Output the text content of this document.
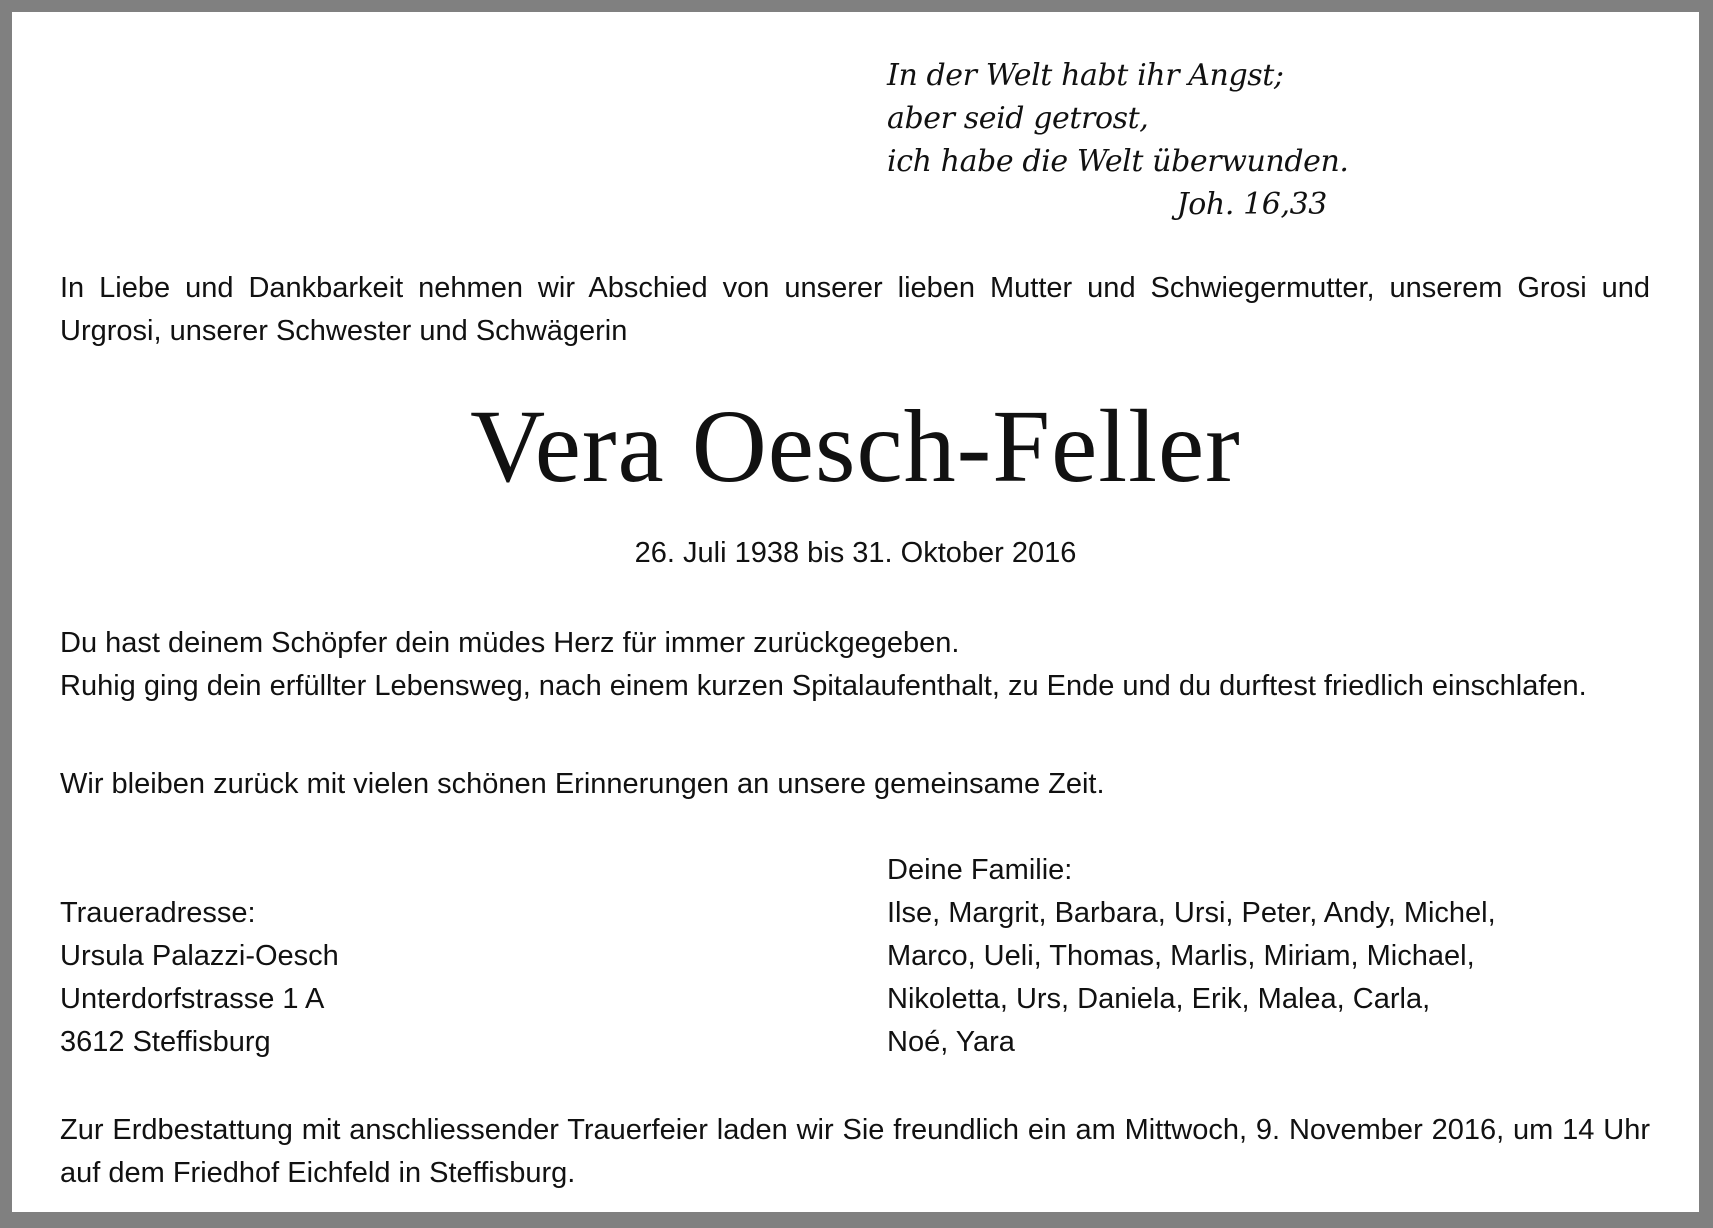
In der Welt habt ihr Angst;
aber seid getrost,
ich habe die Welt überwunden.
Joh. 16,33
In Liebe und Dankbarkeit nehmen wir Abschied von unserer lieben Mutter und Schwiegermutter, unserem Grosi und Urgrosi, unserer Schwester und Schwägerin
Vera Oesch-Feller
26. Juli 1938 bis 31. Oktober 2016
Du hast deinem Schöpfer dein müdes Herz für immer zurückgegeben.
Ruhig ging dein erfüllter Lebensweg, nach einem kurzen Spitalaufenthalt, zu Ende und du durftest friedlich einschlafen.
Wir bleiben zurück mit vielen schönen Erinnerungen an unsere gemeinsame Zeit.
Traueradresse:
Ursula Palazzi-Oesch
Unterdorfstrasse 1 A
3612 Steffisburg
Deine Familie:
Ilse, Margrit, Barbara, Ursi, Peter, Andy, Michel,
Marco, Ueli, Thomas, Marlis, Miriam, Michael,
Nikoletta, Urs, Daniela, Erik, Malea, Carla,
Noé, Yara
Zur Erdbestattung mit anschliessender Trauerfeier laden wir Sie freundlich ein am Mittwoch, 9. November 2016, um 14 Uhr auf dem Friedhof Eichfeld in Steffisburg.
